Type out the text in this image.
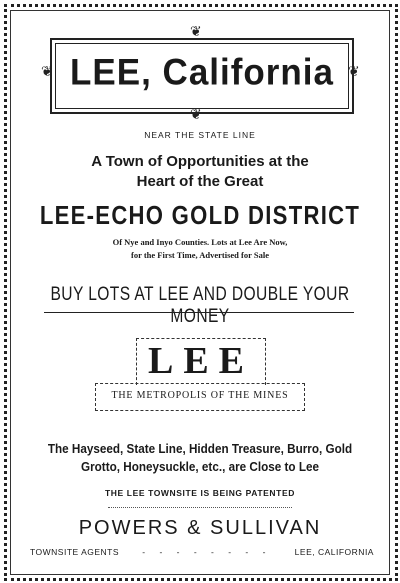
❦
❦
❦	❦
LEE, California
NEAR THE STATE LINE
A Town of Opportunities at the
Heart of the Great
LEE-ECHO GOLD DISTRICT
Of Nye and Inyo Counties. Lots at Lee Are Now,
for the First Time, Advertised for Sale
BUY LOTS AT LEE AND DOUBLE YOUR MONEY
LEE
THE METROPOLIS OF THE MINES
The Hayseed, State Line, Hidden Treasure, Burro, Gold
Grotto, Honeysuckle, etc., are Close to Lee
THE LEE TOWNSITE IS BEING PATENTED
POWERS & SULLIVAN
TOWNSITE AGENTS	- - - - - - - -	LEE, CALIFORNIA
